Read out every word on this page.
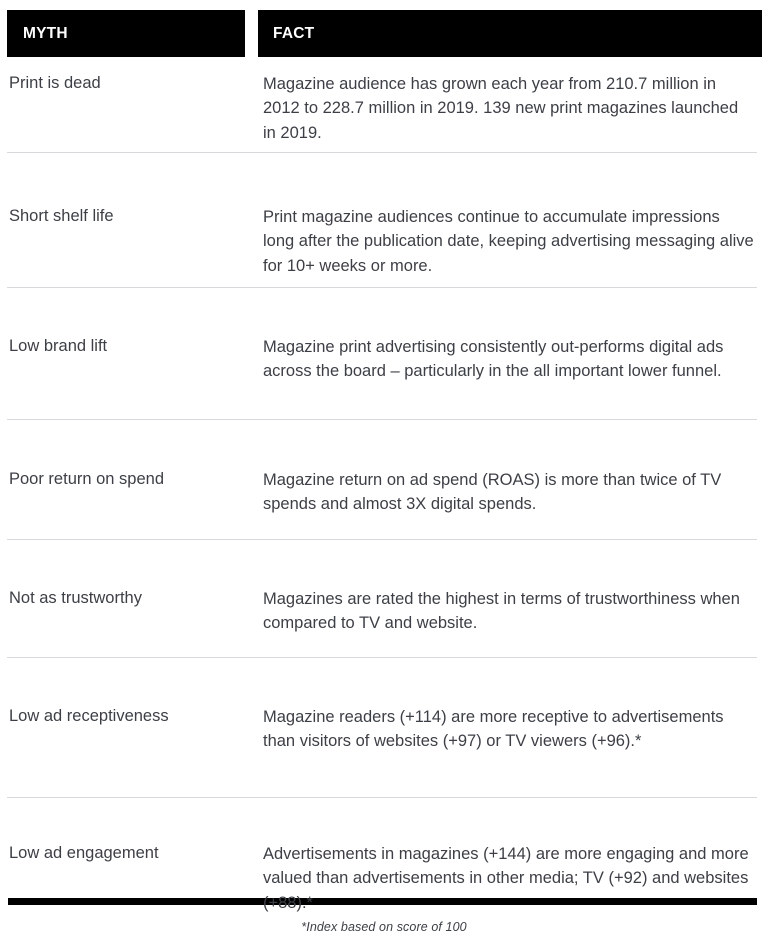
MYTH	FACT
Print is dead	Magazine audience has grown each year from 210.7 million in 2012 to 228.7 million in 2019. 139 new print magazines launched in 2019.
Short shelf life	Print magazine audiences continue to accumulate impressions long after the publication date, keeping advertising messaging alive for 10+ weeks or more.
Low brand lift	Magazine print advertising consistently out-performs digital ads across the board – particularly in the all important lower funnel.
Poor return on spend	Magazine return on ad spend (ROAS) is more than twice of TV spends and almost 3X digital spends.
Not as trustworthy	Magazines are rated the highest in terms of trustworthiness when compared to TV and website.
Low ad receptiveness	Magazine readers (+114) are more receptive to advertisements than visitors of websites (+97) or TV viewers (+96).*
Low ad engagement	Advertisements in magazines (+144) are more engaging and more valued than advertisements in other media; TV (+92) and websites (+88).*
*Index based on score of 100
